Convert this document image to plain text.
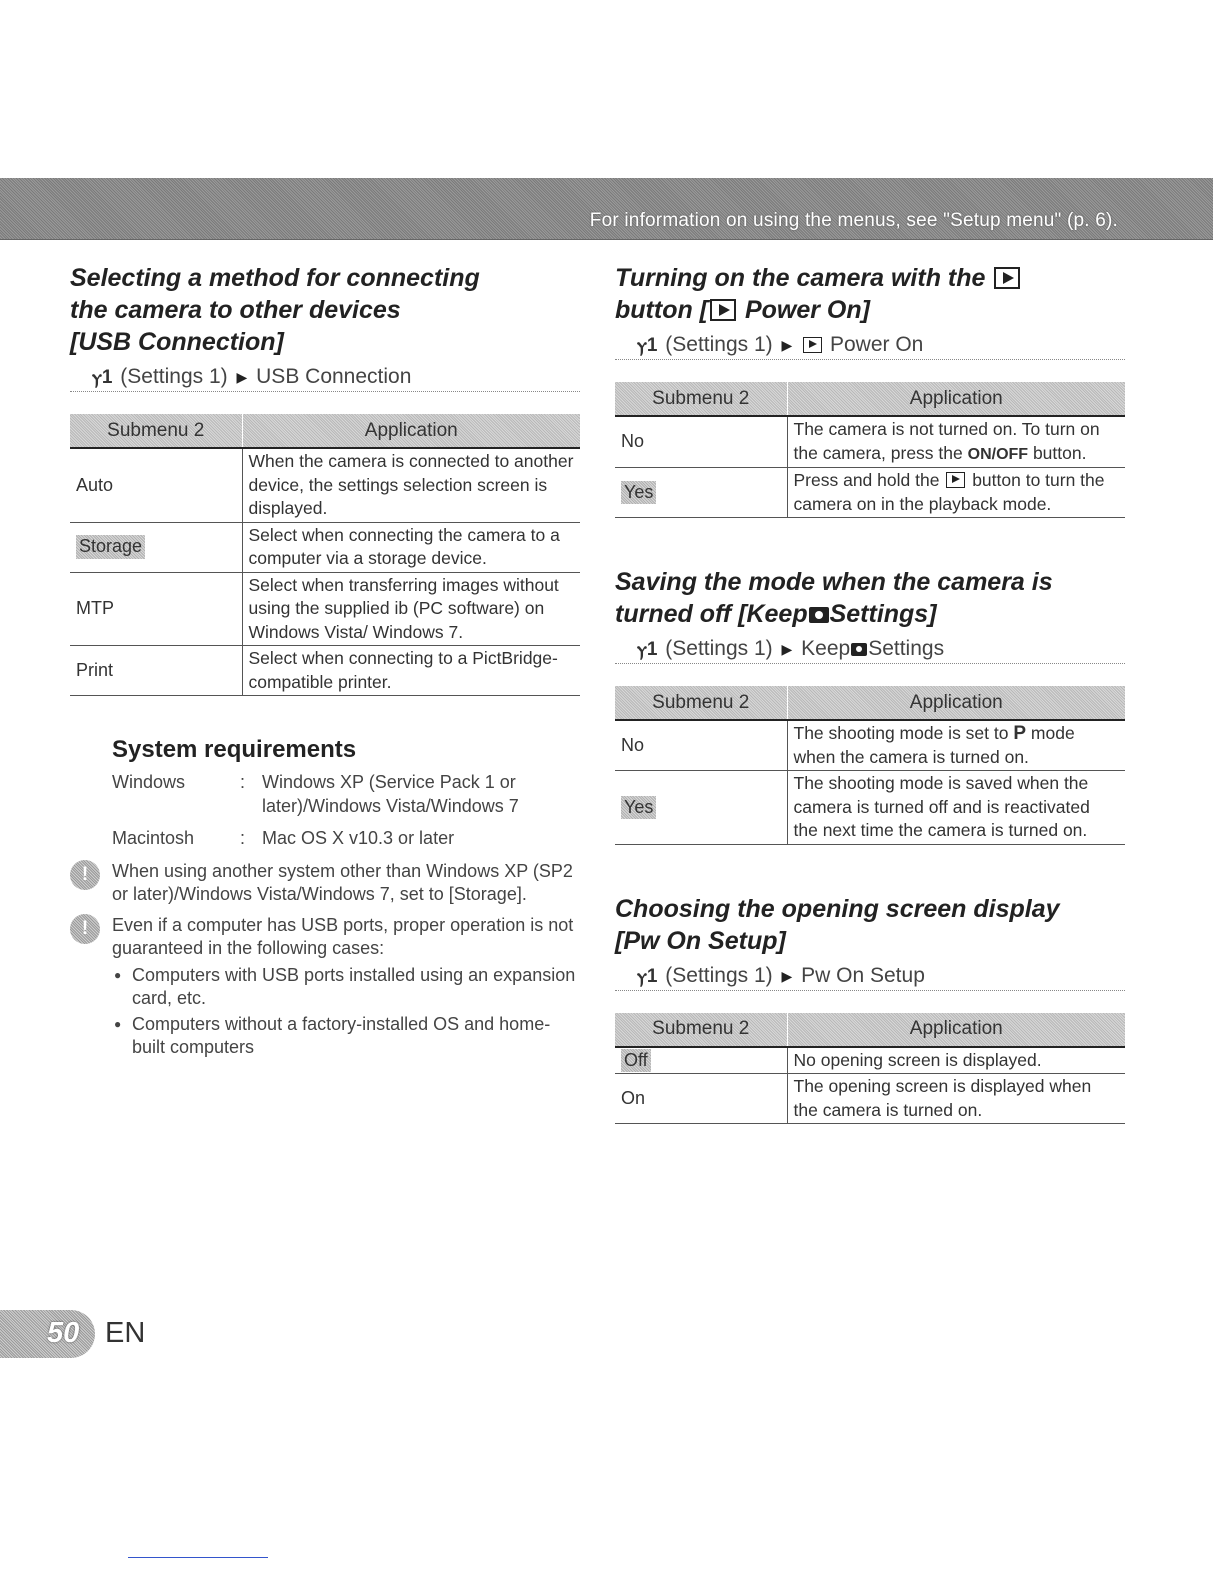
For information on using the menus, see "Setup menu" (p. 6).
Selecting a method for connecting
the camera to other devices
[USB Connection]
ⲩ1 (Settings 1) ▶ USB Connection
Submenu 2	Application
Auto	When the camera is connected to another device, the settings selection screen is displayed.
Storage	Select when connecting the camera to a computer via a storage device.
MTP	Select when transferring images without using the supplied ib (PC software) on Windows Vista/ Windows 7.
Print	Select when connecting to a PictBridge-compatible printer.
System requirements
Windows	: Windows XP (Service Pack 1 or later)/Windows Vista/Windows 7
Macintosh	: Mac OS X v10.3 or later
!	When using another system other than Windows XP (SP2 or later)/Windows Vista/Windows 7, set to [Storage].
!	Even if a computer has USB ports, proper operation is not guaranteed in the following cases:
● Computers with USB ports installed using an expansion card, etc.
● Computers without a factory-installed OS and home-built computers
Turning on the camera with the
button [ Power On]
ⲩ1 (Settings 1) ▶ Power On
Submenu 2	Application
No	The camera is not turned on. To turn on the camera, press the ON/OFF button.
Yes	Press and hold the button to turn the camera on in the playback mode.
Saving the mode when the camera is
turned off [Keep Settings]
ⲩ1 (Settings 1) ▶ Keep Settings
Submenu 2	Application
No	The shooting mode is set to P mode when the camera is turned on.
Yes	The shooting mode is saved when the camera is turned off and is reactivated the next time the camera is turned on.
Choosing the opening screen display
[Pw On Setup]
ⲩ1 (Settings 1) ▶ Pw On Setup
Submenu 2	Application
Off	No opening screen is displayed.
On	The opening screen is displayed when the camera is turned on.
50 EN
